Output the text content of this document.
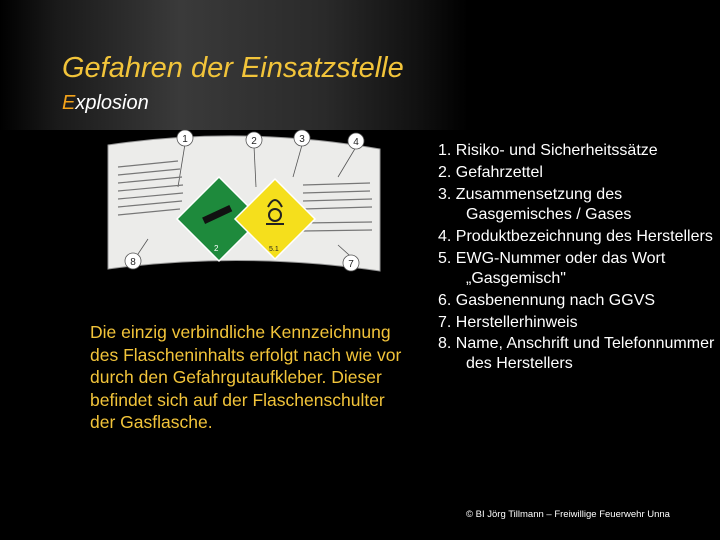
Gefahren der Einsatzstelle
Explosion
2	5.1
1	2	3	4
8	7

Die einzig verbindliche Kennzeichnung des Flascheninhalts erfolgt nach wie vor durch den Gefahrgutaufkleber. Dieser befindet sich auf der Flaschenschulter der Gasflasche.

1. Risiko- und Sicherheitssätze
2. Gefahrzettel
3. Zusammensetzung des Gasgemisches / Gases
4. Produktbezeichnung des Herstellers
5. EWG-Nummer oder das Wort „Gasgemisch"
6. Gasbenennung nach GGVS
7. Herstellerhinweis
8. Name, Anschrift und Telefonnummer des Herstellers
© BI Jörg Tillmann – Freiwillige Feuerwehr Unna
